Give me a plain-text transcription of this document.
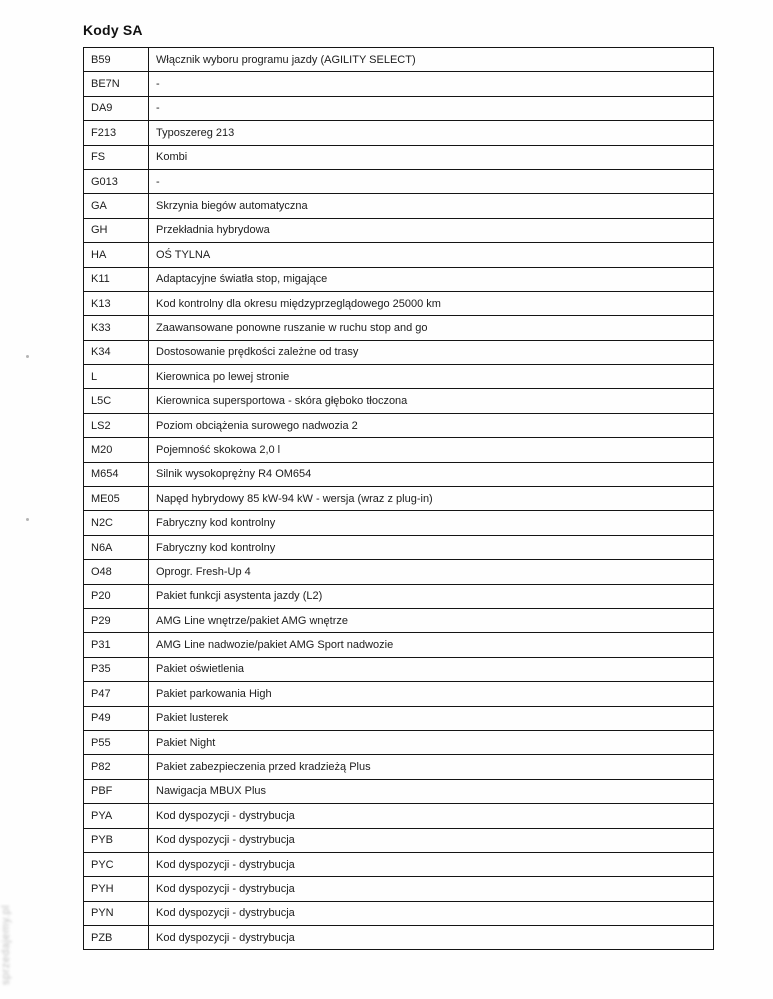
Kody SA
B59	Włącznik wyboru programu jazdy (AGILITY SELECT)
BE7N	-
DA9	-
F213	Typoszereg 213
FS	Kombi
G013	-
GA	Skrzynia biegów automatyczna
GH	Przekładnia hybrydowa
HA	OŚ TYLNA
K11	Adaptacyjne światła stop, migające
K13	Kod kontrolny dla okresu międzyprzeglądowego 25000 km
K33	Zaawansowane ponowne ruszanie w ruchu stop and go
K34	Dostosowanie prędkości zależne od trasy
L	Kierownica po lewej stronie
L5C	Kierownica supersportowa - skóra głęboko tłoczona
LS2	Poziom obciążenia surowego nadwozia 2
M20	Pojemność skokowa 2,0 l
M654	Silnik wysokoprężny R4 OM654
ME05	Napęd hybrydowy 85 kW-94 kW - wersja (wraz z plug-in)
N2C	Fabryczny kod kontrolny
N6A	Fabryczny kod kontrolny
O48	Oprogr. Fresh-Up 4
P20	Pakiet funkcji asystenta jazdy (L2)
P29	AMG Line wnętrze/pakiet AMG wnętrze
P31	AMG Line nadwozie/pakiet AMG Sport nadwozie
P35	Pakiet oświetlenia
P47	Pakiet parkowania High
P49	Pakiet lusterek
P55	Pakiet Night
P82	Pakiet zabezpieczenia przed kradzieżą Plus
PBF	Nawigacja MBUX Plus
PYA	Kod dyspozycji - dystrybucja
PYB	Kod dyspozycji - dystrybucja
PYC	Kod dyspozycji - dystrybucja
PYH	Kod dyspozycji - dystrybucja
PYN	Kod dyspozycji - dystrybucja
PZB	Kod dyspozycji - dystrybucja
sprzedajemy.pl
